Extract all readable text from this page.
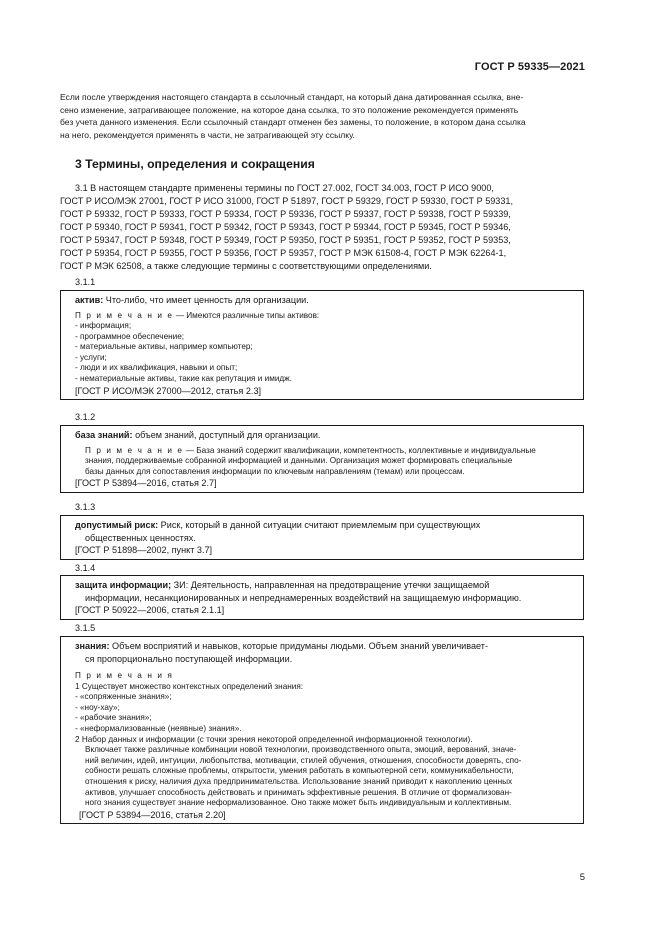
ГОСТ Р 59335—2021

Если после утверждения настоящего стандарта в ссылочный стандарт, на который дана датированная ссылка, вне-

сено изменение, затрагивающее положение, на которое дана ссылка, то это положение рекомендуется применять

без учета данного изменения. Если ссылочный стандарт отменен без замены, то положение, в котором дана ссылка

на него, рекомендуется применять в части, не затрагивающей эту ссылку.

3 Термины, определения и сокращения

3.1 В настоящем стандарте применены термины по ГОСТ 27.002, ГОСТ 34.003, ГОСТ Р ИСО 9000,

ГОСТ Р ИСО/МЭК 27001, ГОСТ Р ИСО 31000, ГОСТ Р 51897, ГОСТ Р 59329, ГОСТ Р 59330, ГОСТ Р 59331,

ГОСТ Р 59332, ГОСТ Р 59333, ГОСТ Р 59334, ГОСТ Р 59336, ГОСТ Р 59337, ГОСТ Р 59338, ГОСТ Р 59339,

ГОСТ Р 59340, ГОСТ Р 59341, ГОСТ Р 59342, ГОСТ Р 59343, ГОСТ Р 59344, ГОСТ Р 59345, ГОСТ Р 59346,

ГОСТ Р 59347, ГОСТ Р 59348, ГОСТ Р 59349, ГОСТ Р 59350, ГОСТ Р 59351, ГОСТ Р 59352, ГОСТ Р 59353,

ГОСТ Р 59354, ГОСТ Р 59355, ГОСТ Р 59356, ГОСТ Р 59357, ГОСТ Р МЭК 61508-4, ГОСТ Р МЭК 62264-1,

ГОСТ Р МЭК 62508, а также следующие термины с соответствующими определениями.

3.1.1

актив: Что-либо, что имеет ценность для организации.

П р и м е ч а н и е — Имеются различные типы активов:

- информация;

- программное обеспечение;

- материальные активы, например компьютер;

- услуги;

- люди и их квалификация, навыки и опыт;

- нематериальные активы, такие как репутация и имидж.

[ГОСТ Р ИСО/МЭК 27000—2012, статья 2.3]

3.1.2

база знаний: объем знаний, доступный для организации.

П р и м е ч а н и е — База знаний содержит квалификации, компетентность, коллективные и индивидуальные

знания, поддерживаемые собранной информацией и данными. Организация может формировать специальные

базы данных для сопоставления информации по ключевым направлениям (темам) или процессам.

[ГОСТ Р 53894—2016, статья 2.7]

3.1.3

допустимый риск: Риск, который в данной ситуации считают приемлемым при существующих

общественных ценностях.

[ГОСТ Р 51898—2002, пункт 3.7]

3.1.4

защита информации; ЗИ: Деятельность, направленная на предотвращение утечки защищаемой

информации, несанкционированных и непреднамеренных воздействий на защищаемую информацию.

[ГОСТ Р 50922—2006, статья 2.1.1]

3.1.5

знания: Объем восприятий и навыков, которые придуманы людьми. Объем знаний увеличивает-

ся пропорционально поступающей информации.

П р и м е ч а н и я

1 Существует множество контекстных определений знания:

- «сопряженные знания»;

- «ноу-хау»;

- «рабочие знания»;

- «неформализованные (неявные) знания».

2 Набор данных и информации (с точки зрения некоторой определенной информационной технологии).

Включает также различные комбинации новой технологии, производственного опыта, эмоций, верований, значе-

ний величин, идей, интуиции, любопытства, мотивации, стилей обучения, отношения, способности доверять, спо-

собности решать сложные проблемы, открытости, умения работать в компьютерной сети, коммуникабельности,

отношения к риску, наличия духа предпринимательства. Использование знаний приводит к накоплению ценных

активов, улучшает способность действовать и принимать эффективные решения. В отличие от формализован-

ного знания существует знание неформализованное. Оно также может быть индивидуальным и коллективным.

[ГОСТ Р 53894—2016, статья 2.20]

5
